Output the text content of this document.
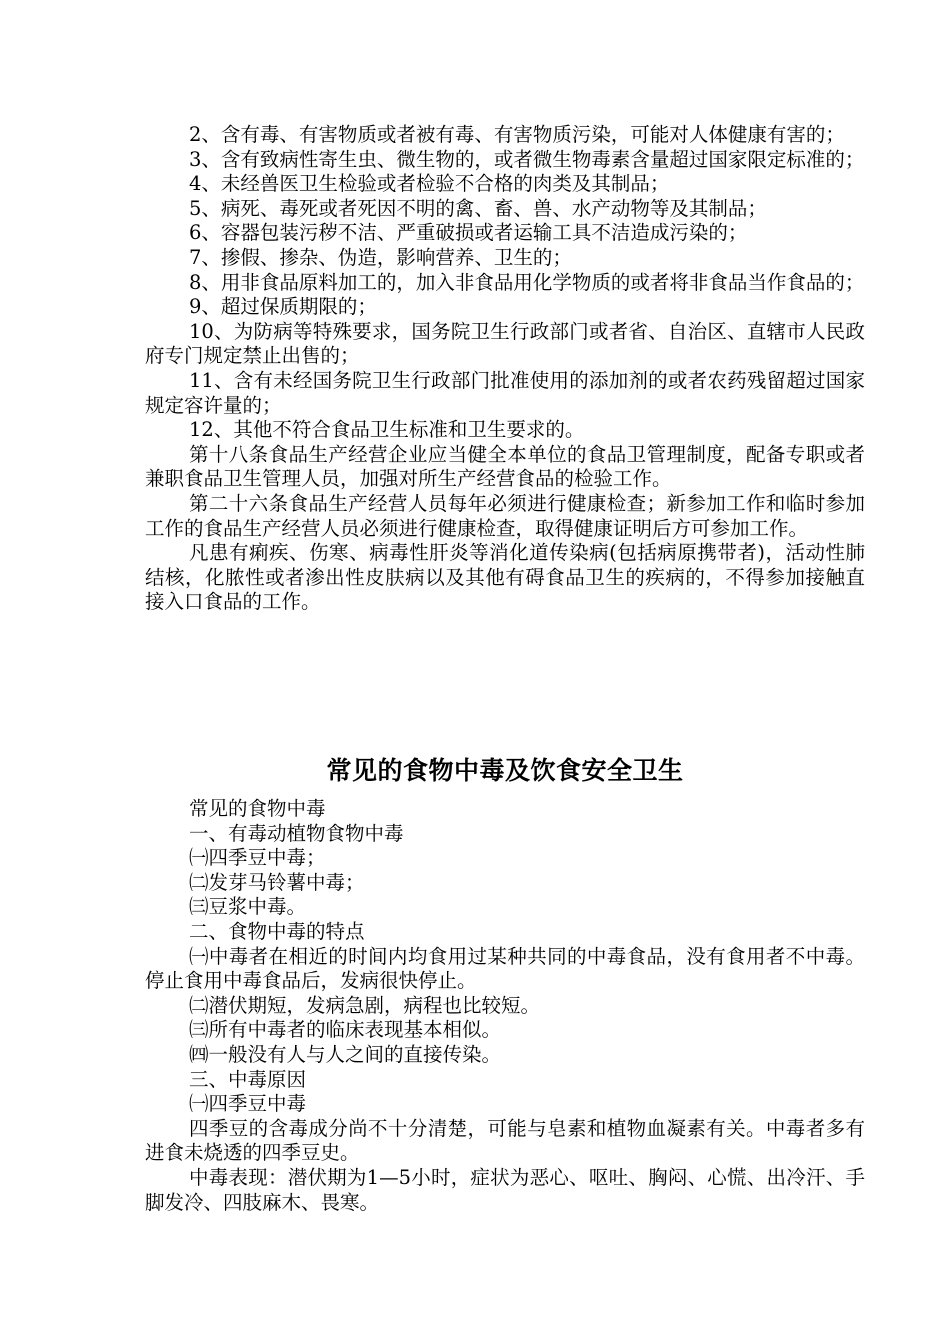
2、含有毒、有害物质或者被有毒、有害物质污染，可能对人体健康有害的；

3、含有致病性寄生虫、微生物的，或者微生物毒素含量超过国家限定标准的；

4、未经兽医卫生检验或者检验不合格的肉类及其制品；

5、病死、毒死或者死因不明的禽、畜、兽、水产动物等及其制品；

6、容器包装污秽不洁、严重破损或者运输工具不洁造成污染的；

7、掺假、掺杂、伪造，影响营养、卫生的；

8、用非食品原料加工的，加入非食品用化学物质的或者将非食品当作食品的；

9、超过保质期限的；

10、为防病等特殊要求，国务院卫生行政部门或者省、自治区、直辖市人民政府专门规定禁止出售的；

11、含有未经国务院卫生行政部门批准使用的添加剂的或者农药残留超过国家规定容许量的；

12、其他不符合食品卫生标准和卫生要求的。

第十八条食品生产经营企业应当健全本单位的食品卫管理制度，配备专职或者兼职食品卫生管理人员，加强对所生产经营食品的检验工作。

第二十六条食品生产经营人员每年必须进行健康检查；新参加工作和临时参加工作的食品生产经营人员必须进行健康检查，取得健康证明后方可参加工作。

凡患有痢疾、伤寒、病毒性肝炎等消化道传染病(包括病原携带者)，活动性肺结核，化脓性或者渗出性皮肤病以及其他有碍食品卫生的疾病的，不得参加接触直接入口食品的工作。

常见的食物中毒及饮食安全卫生

常见的食物中毒

一、有毒动植物食物中毒

㈠四季豆中毒；

㈡发芽马铃薯中毒；

㈢豆浆中毒。

二、食物中毒的特点

㈠中毒者在相近的时间内均食用过某种共同的中毒食品，没有食用者不中毒。停止食用中毒食品后，发病很快停止。

㈡潜伏期短，发病急剧，病程也比较短。

㈢所有中毒者的临床表现基本相似。

㈣一般没有人与人之间的直接传染。

三、中毒原因

㈠四季豆中毒

四季豆的含毒成分尚不十分清楚，可能与皂素和植物血凝素有关。中毒者多有进食未烧透的四季豆史。

中毒表现：潜伏期为1—5小时，症状为恶心、呕吐、胸闷、心慌、出冷汗、手脚发冷、四肢麻木、畏寒。
